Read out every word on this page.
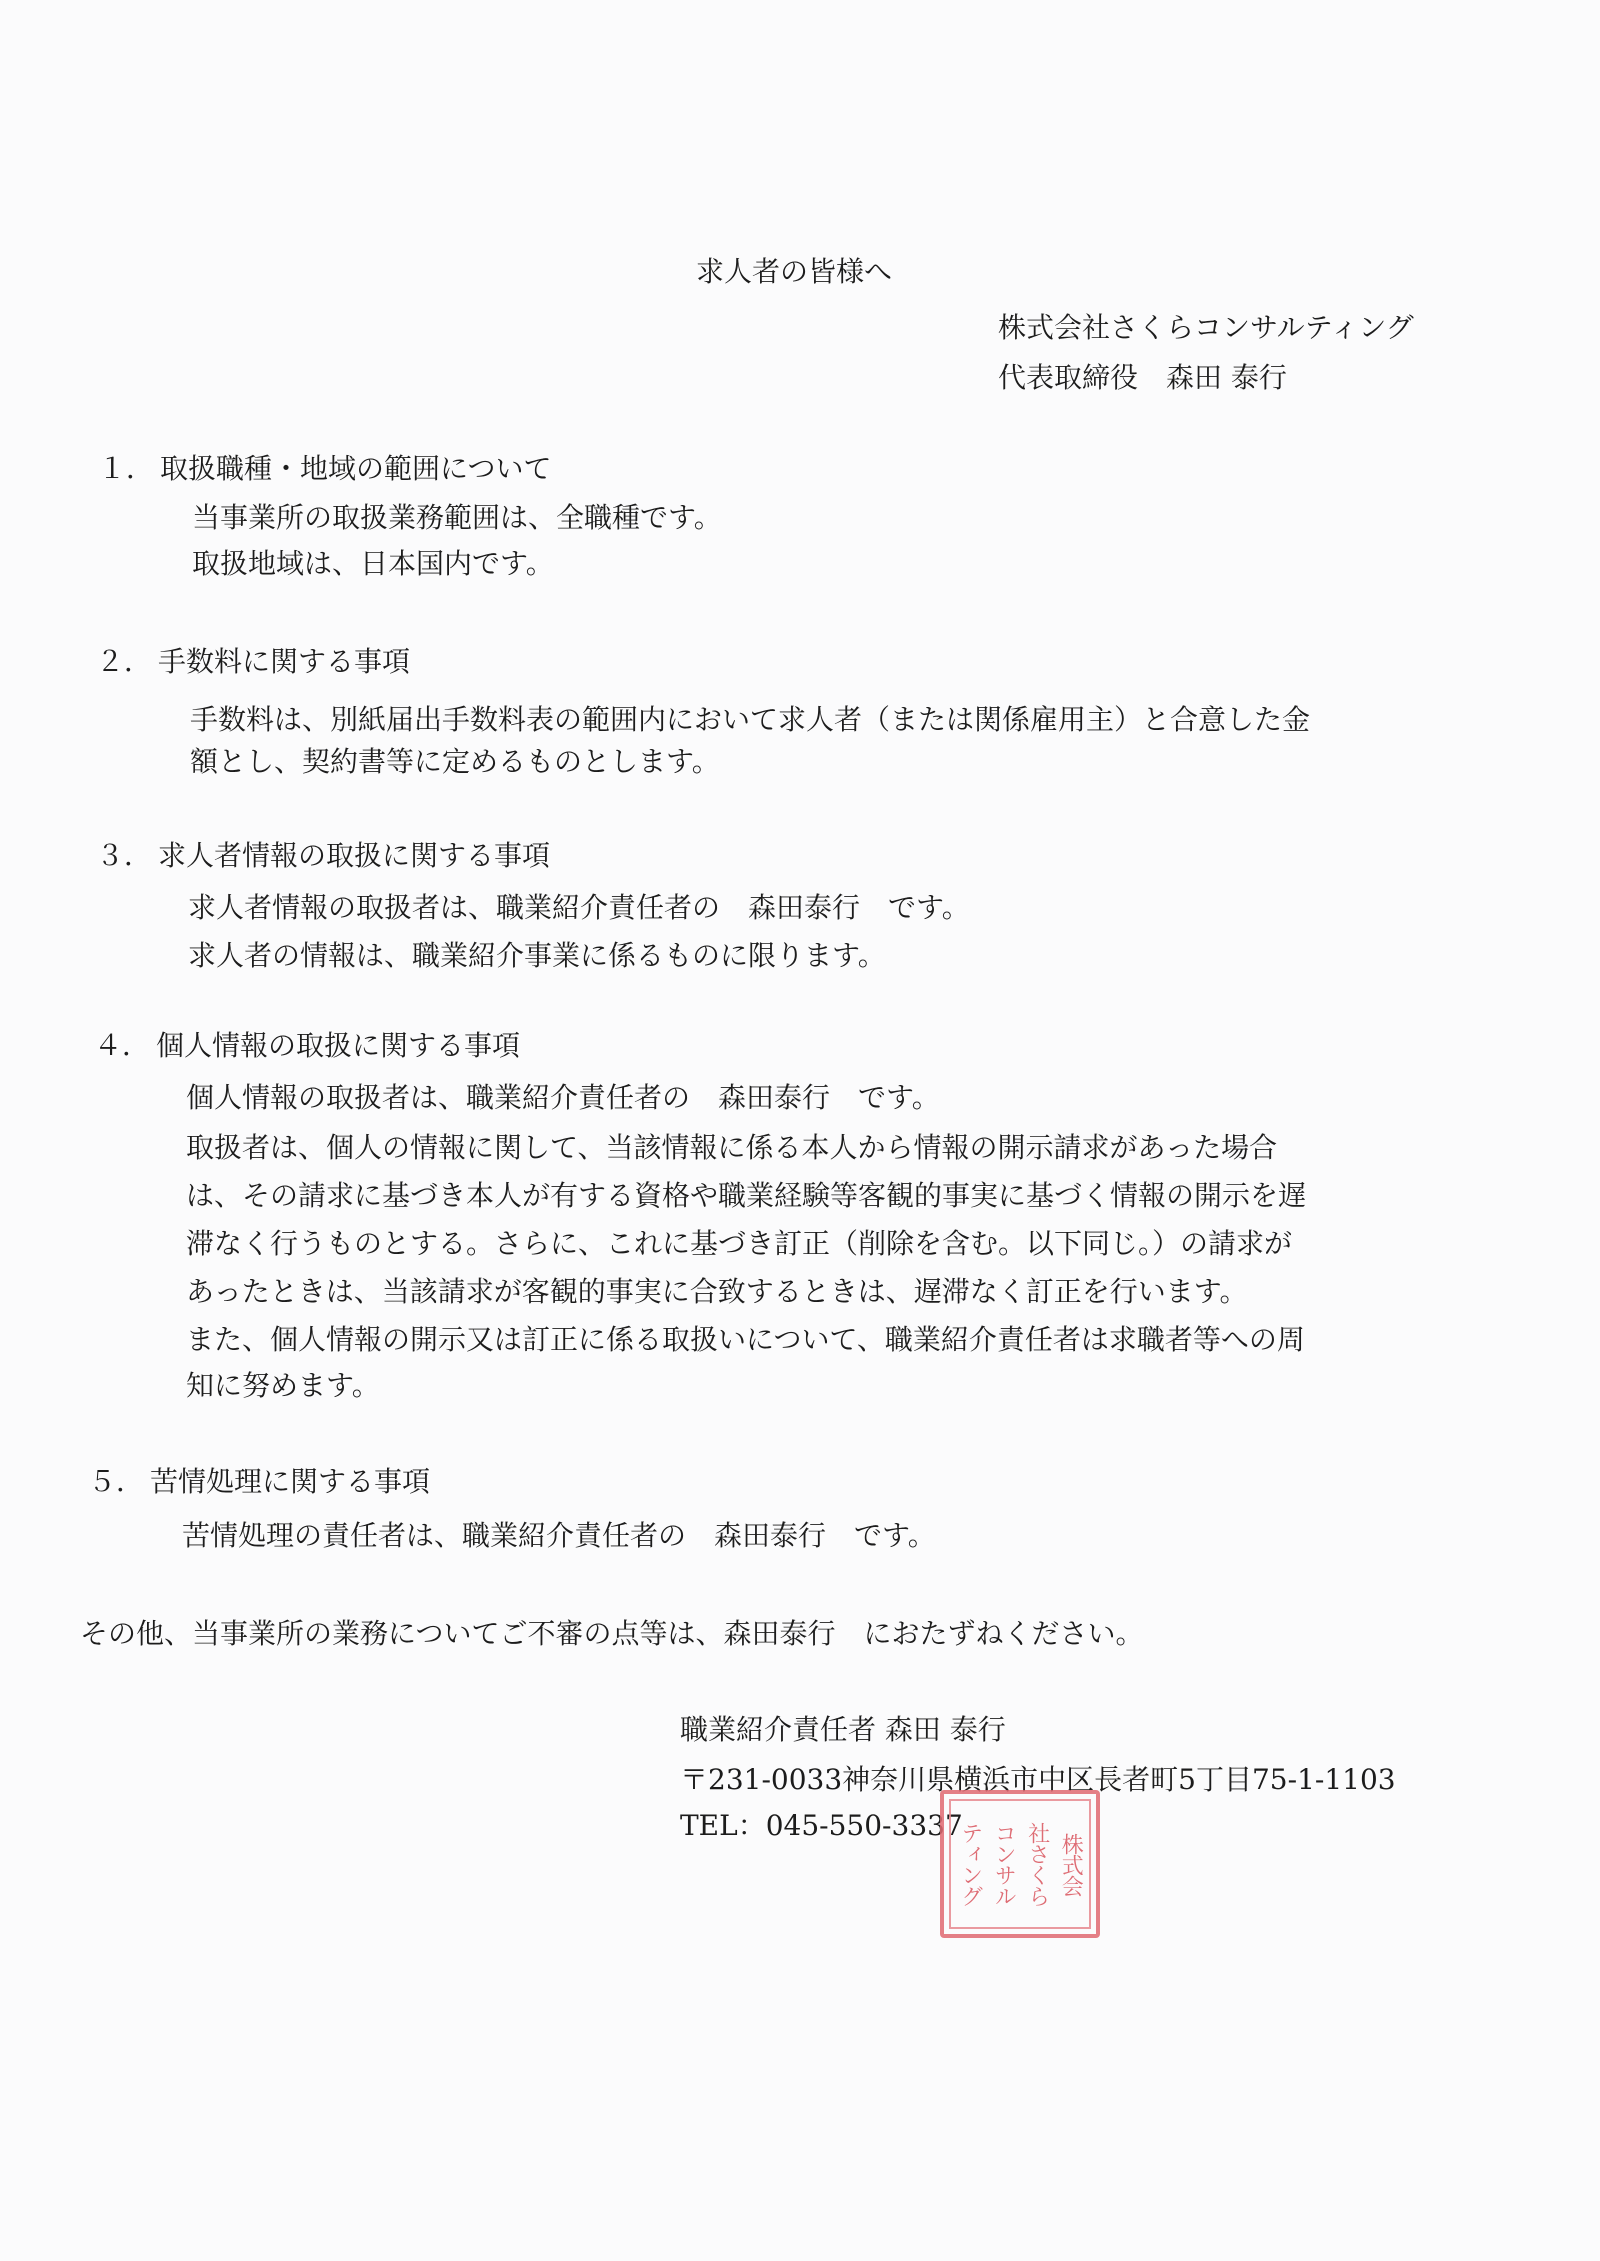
求人者の皆様へ
株式会社さくらコンサルティング
代表取締役　森田 泰行
１． 取扱職種・地域の範囲について
当事業所の取扱業務範囲は、全職種です。
取扱地域は、日本国内です。
２． 手数料に関する事項
手数料は、別紙届出手数料表の範囲内において求人者（または関係雇用主）と合意した金
額とし、契約書等に定めるものとします。
３． 求人者情報の取扱に関する事項
求人者情報の取扱者は、職業紹介責任者の　森田泰行　です。
求人者の情報は、職業紹介事業に係るものに限ります。
４． 個人情報の取扱に関する事項
個人情報の取扱者は、職業紹介責任者の　森田泰行　です。
取扱者は、個人の情報に関して、当該情報に係る本人から情報の開示請求があった場合
は、その請求に基づき本人が有する資格や職業経験等客観的事実に基づく情報の開示を遅
滞なく行うものとする。さらに、これに基づき訂正（削除を含む。以下同じ。）の請求が
あったときは、当該請求が客観的事実に合致するときは、遅滞なく訂正を行います。
また、個人情報の開示又は訂正に係る取扱いについて、職業紹介責任者は求職者等への周
知に努めます。
５． 苦情処理に関する事項
苦情処理の責任者は、職業紹介責任者の　森田泰行　です。
その他、当事業所の業務についてご不審の点等は、森田泰行　におたずねください。
職業紹介責任者 森田 泰行
〒231-0033神奈川県横浜市中区長者町5丁目75-1-1103
TEL：045-550-3337
株式会
社さくら
コンサル
ティング
